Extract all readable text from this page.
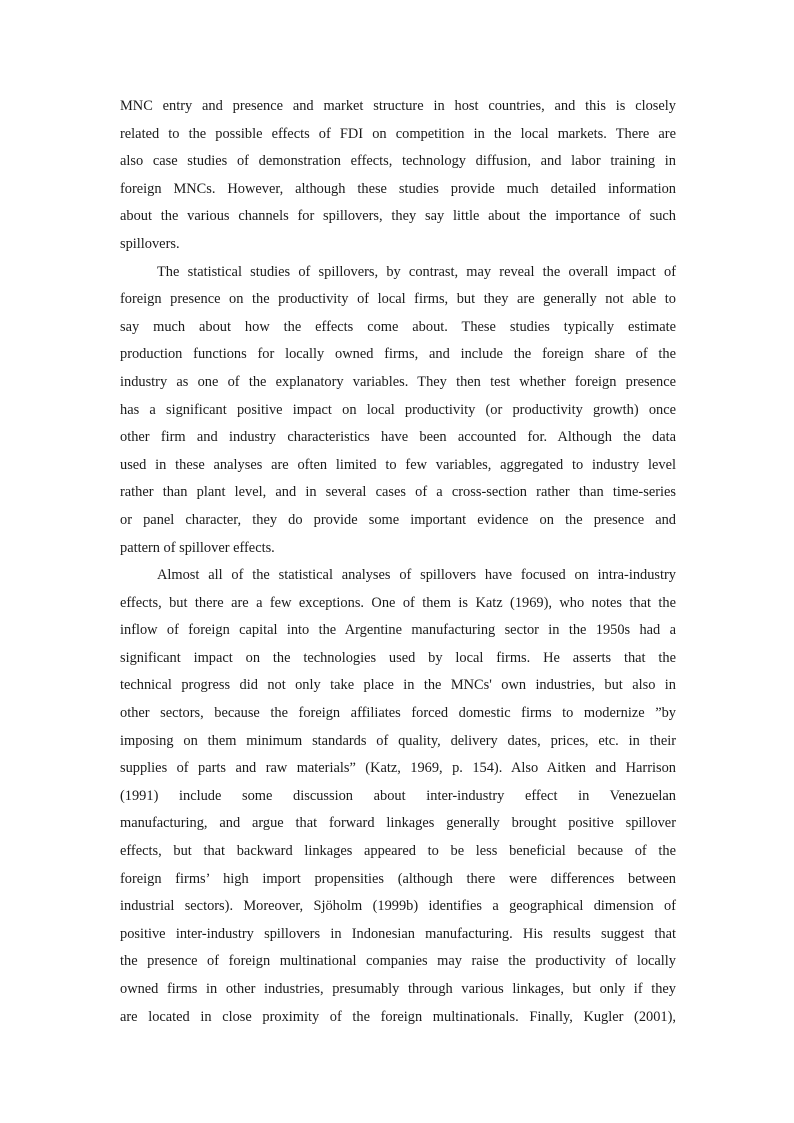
MNC entry and presence and market structure in host countries, and this is closely
related to the possible effects of FDI on competition in the local markets. There are
also case studies of demonstration effects, technology diffusion, and labor training in
foreign MNCs. However, although these studies provide much detailed information
about the various channels for spillovers, they say little about the importance of such
spillovers.

The statistical studies of spillovers, by contrast, may reveal the overall impact of
foreign presence on the productivity of local firms, but they are generally not able to
say much about how the effects come about. These studies typically estimate
production functions for locally owned firms, and include the foreign share of the
industry as one of the explanatory variables. They then test whether foreign presence
has a significant positive impact on local productivity (or productivity growth) once
other firm and industry characteristics have been accounted for. Although the data
used in these analyses are often limited to few variables, aggregated to industry level
rather than plant level, and in several cases of a cross-section rather than time-series
or panel character, they do provide some important evidence on the presence and
pattern of spillover effects.

Almost all of the statistical analyses of spillovers have focused on intra-industry
effects, but there are a few exceptions. One of them is Katz (1969), who notes that the
inflow of foreign capital into the Argentine manufacturing sector in the 1950s had a
significant impact on the technologies used by local firms. He asserts that the
technical progress did not only take place in the MNCs' own industries, but also in
other sectors, because the foreign affiliates forced domestic firms to modernize ”by
imposing on them minimum standards of quality, delivery dates, prices, etc. in their
supplies of parts and raw materials” (Katz, 1969, p. 154). Also Aitken and Harrison
(1991) include some discussion about inter-industry effect in Venezuelan
manufacturing, and argue that forward linkages generally brought positive spillover
effects, but that backward linkages appeared to be less beneficial because of the
foreign firms’ high import propensities (although there were differences between
industrial sectors). Moreover, Sjöholm (1999b) identifies a geographical dimension of
positive inter-industry spillovers in Indonesian manufacturing. His results suggest that
the presence of foreign multinational companies may raise the productivity of locally
owned firms in other industries, presumably through various linkages, but only if they
are located in close proximity of the foreign multinationals. Finally, Kugler (2001),
